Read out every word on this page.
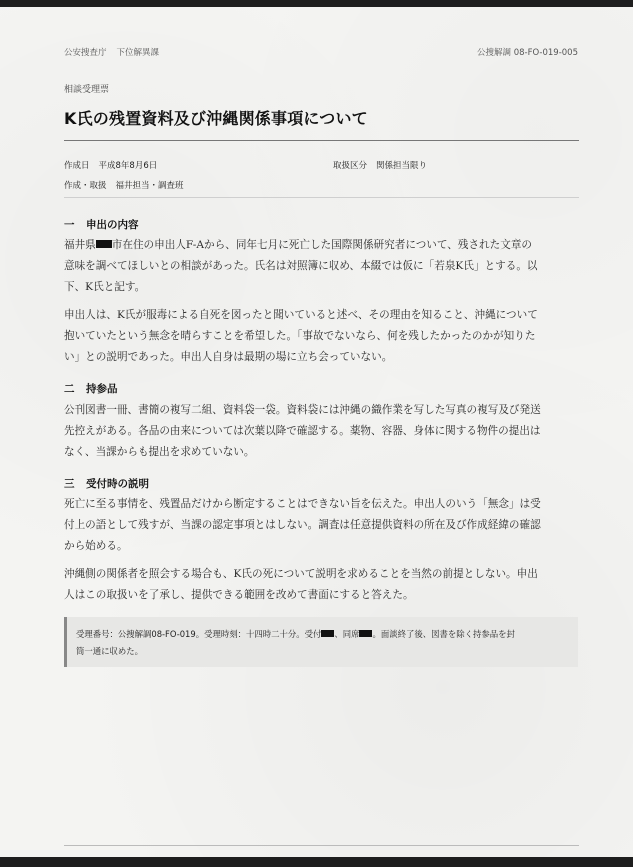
公安捜査庁 下位解異課	公捜解調 08-FO-019-005
相談受理票
K氏の残置資料及び沖縄関係事項について
作成日 平成8年8月6日	取扱区分 関係担当限り
作成・取扱 福井担当・調査班
一 申出の内容
福井県 市在住の申出人F-Aから、同年七月に死亡した国際関係研究者について、残された文章の
意味を調べてほしいとの相談があった。氏名は対照簿に収め、本綴では仮に「若泉K氏」とする。以
下、K氏と記す。
申出人は、K氏が服毒による自死を図ったと聞いていると述べ、その理由を知ること、沖縄について
抱いていたという無念を晴らすことを希望した。「事故でないなら、何を残したかったのかが知りた
い」との説明であった。申出人自身は最期の場に立ち会っていない。
二 持参品
公刊図書一冊、書簡の複写二組、資料袋一袋。資料袋には沖縄の織作業を写した写真の複写及び発送
先控えがある。各品の由来については次葉以降で確認する。薬物、容器、身体に関する物件の提出は
なく、当課からも提出を求めていない。
三 受付時の説明
死亡に至る事情を、残置品だけから断定することはできない旨を伝えた。申出人のいう「無念」は受
付上の語として残すが、当課の認定事項とはしない。調査は任意提供資料の所在及び作成経緯の確認
から始める。
沖縄側の関係者を照会する場合も、K氏の死について説明を求めることを当然の前提としない。申出
人はこの取扱いを了承し、提供できる範囲を改めて書面にすると答えた。
受理番号：公捜解調08-FO-019。受理時刻：十四時二十分。受付 、同席 。面談終了後、図書を除く持参品を封
筒一通に収めた。
